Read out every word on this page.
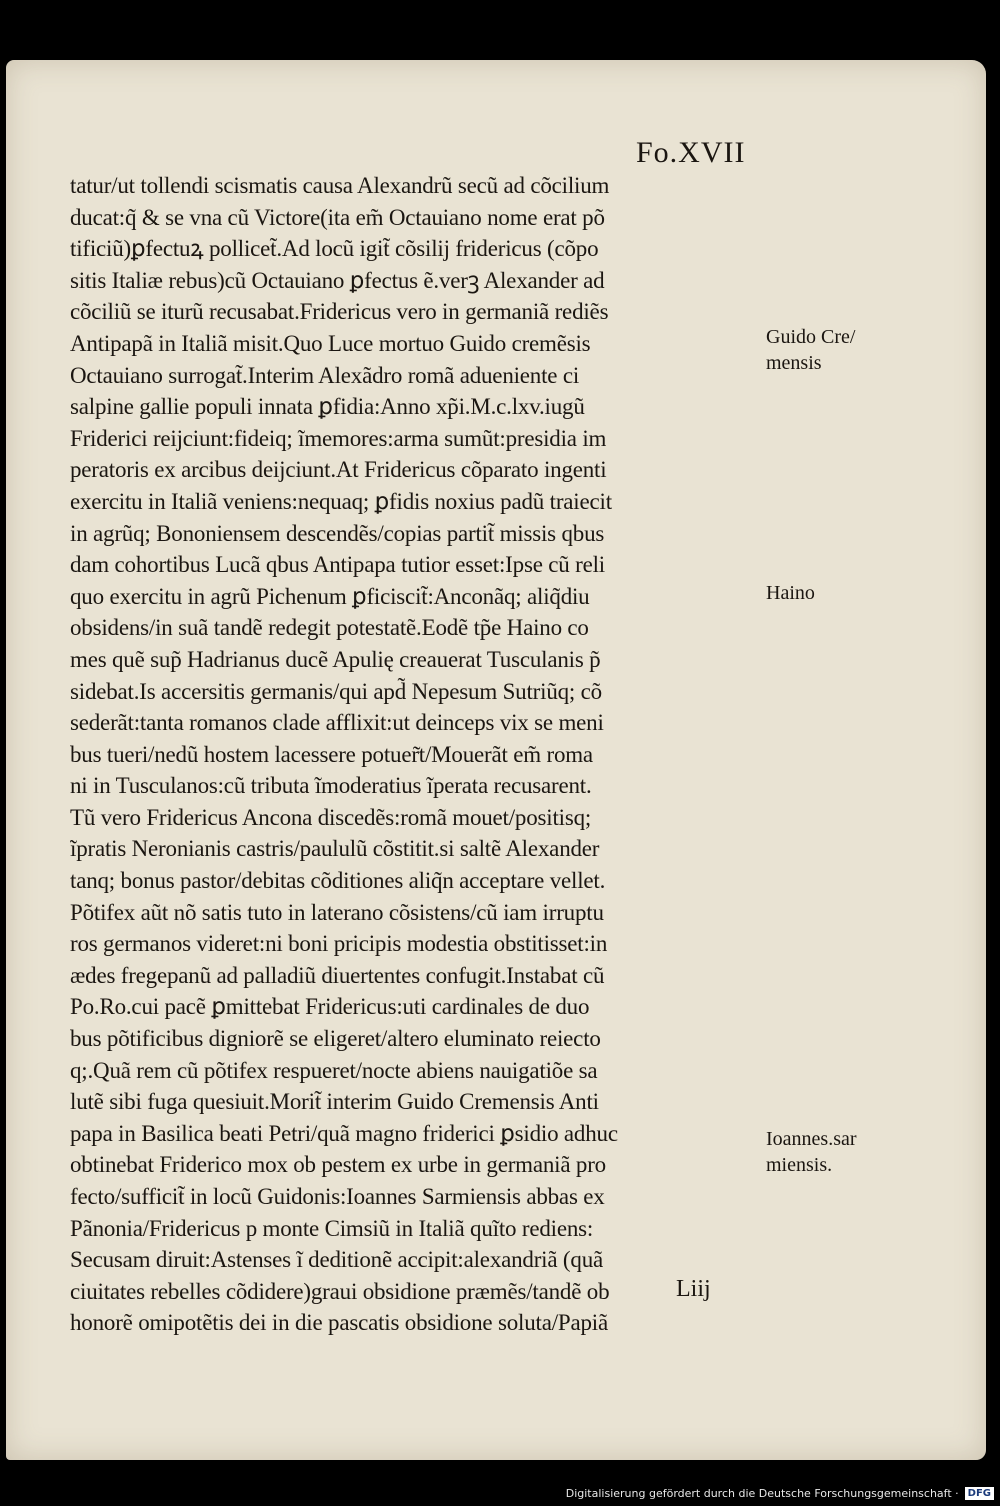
Fo.XVII
tatur/ut tollendi scismatis causa Alexandrũ secũ ad cõcilium
ducat:q̃ & se vna cũ Victore(ita em̃ Octauiano nome erat põ
tificiũ)ꝑfectuꝝ pollicet̃.Ad locũ igit̃ cõsilij fridericus (cõpo
sitis Italiæ rebus)cũ Octauiano ꝑfectus ẽ.verꝫ Alexander ad
cõciliũ se iturũ recusabat.Fridericus vero in germaniã rediẽs
Antipapã in Italiã misit.Quo Luce mortuo Guido cremẽsis
Octauiano surrogat̃.Interim Alexãdro romã adueniente ci
salpine gallie populi innata ꝑfidia:Anno xp̃i.M.c.lxv.iugũ
Friderici reijciunt:fideiq; ĩmemores:arma sumũt:presidia im
peratoris ex arcibus deijciunt.At Fridericus cõparato ingenti
exercitu in Italiã veniens:nequaq; ꝑfidis noxius padũ traiecit
in agrũq; Bononiensem descendẽs/copias partit̃ missis qbus
dam cohortibus Lucã qbus Antipapa tutior esset:Ipse cũ reli
quo exercitu in agrũ Pichenum ꝑficiscit̃:Anconãq; aliq̃diu
obsidens/in suã tandẽ redegit potestatẽ.Eodẽ tp̃e Haino co
mes quẽ sup̃ Hadrianus ducẽ Apulię creauerat Tusculanis p̃
sidebat.Is accersitis germanis/qui apd̃ Nepesum Sutriũq; cõ
sederãt:tanta romanos clade afflixit:ut deinceps vix se meni
bus tueri/nedũ hostem lacessere potuer̃t/Mouerãt em̃ roma
ni in Tusculanos:cũ tributa ĩmoderatius ĩperata recusarent.
Tũ vero Fridericus Ancona discedẽs:romã mouet/positisq;
ĩpratis Neronianis castris/paululũ cõstitit.si saltẽ Alexander
tanq; bonus pastor/debitas cõditiones aliq̃n acceptare vellet.
Põtifex aũt nõ satis tuto in laterano cõsistens/cũ iam irruptu
ros germanos videret:ni boni pricipis modestia obstitisset:in
ædes fregepanũ ad palladiũ diuertentes confugit.Instabat cũ
Po.Ro.cui pacẽ ꝑmittebat Fridericus:uti cardinales de duo
bus põtificibus digniorẽ se eligeret/altero eluminato reiecto
q;.Quã rem cũ põtifex respueret/nocte abiens nauigatiõe sa
lutẽ sibi fuga quesiuit.Morit̃ interim Guido Cremensis Anti
papa in Basilica beati Petri/quã magno friderici ꝑsidio adhuc
obtinebat Friderico mox ob pestem ex urbe in germaniã pro
fecto/sufficit̃ in locũ Guidonis:Ioannes Sarmiensis abbas ex
Pãnonia/Fridericus p monte Cimsiũ in Italiã quĩto rediens:
Secusam diruit:Astenses ĩ deditionẽ accipit:alexandriã (quã
ciuitates rebelles cõdidere)graui obsidione præmẽs/tandẽ ob
honorẽ omipotẽtis dei in die pascatis obsidione soluta/Papiã
Guido Cre/
mensis
Haino
Ioannes.sar
miensis.
Liij
Digitalisierung gefördert durch die Deutsche Forschungsgemeinschaft · DFG
